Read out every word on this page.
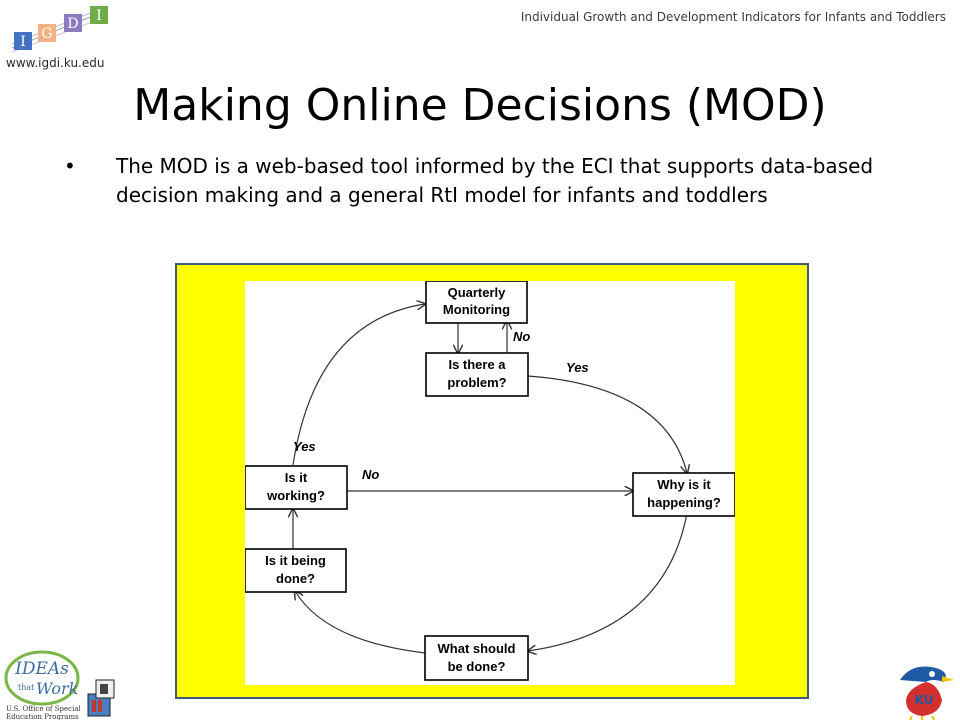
Individual Growth and Development Indicators for Infants and Toddlers
I G
D I
www.igdi.ku.edu
Making Online Decisions (MOD)
• The MOD is a web-based tool informed by the ECI that supports data-based decision making and a general RtI model for infants and toddlers
Quarterly
Monitoring
Is there a
problem?
Why is it
happening?
What should
be done?
Is it being
done?
Is it
working?
No
Yes
Yes
No
IDEAs
that Work
U.S. Office of Special
Education Programs
KU
